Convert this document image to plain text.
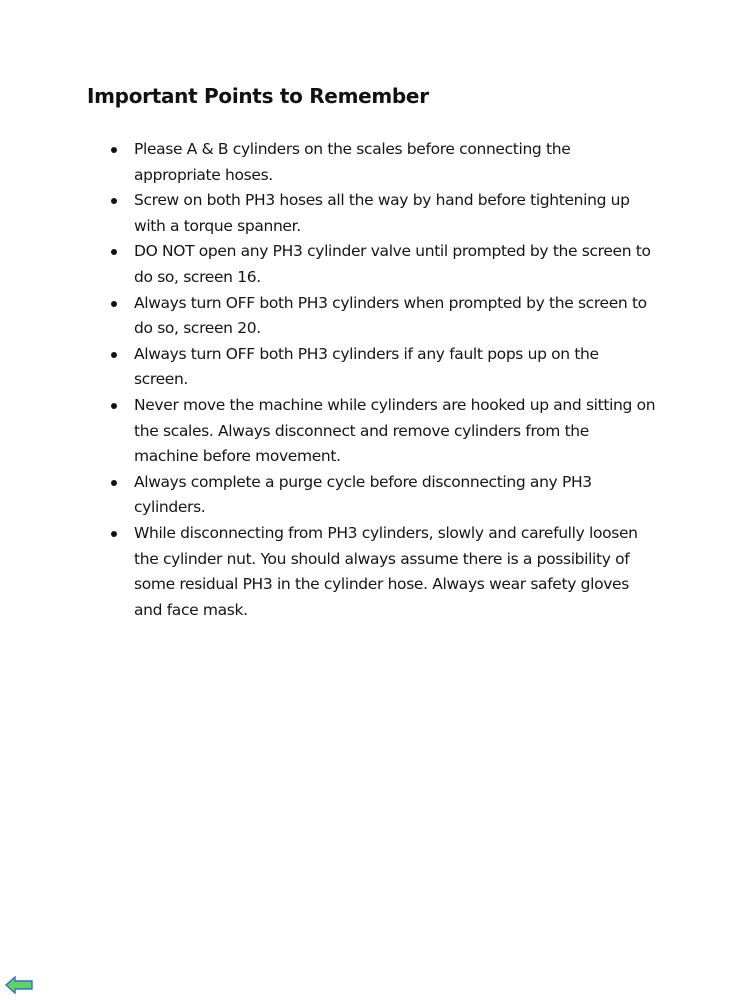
Important Points to Remember
Please A & B cylinders on the scales before connecting the appropriate hoses.
Screw on both PH3 hoses all the way by hand before tightening up with a torque spanner.
DO NOT open any PH3 cylinder valve until prompted by the screen to do so, screen 16.
Always turn OFF both PH3 cylinders when prompted by the screen to do so, screen 20.
Always turn OFF both PH3 cylinders if any fault pops up on the screen.
Never move the machine while cylinders are hooked up and sitting on the scales. Always disconnect and remove cylinders from the machine before movement.
Always complete a purge cycle before disconnecting any PH3 cylinders.
While disconnecting from PH3 cylinders, slowly and carefully loosen the cylinder nut. You should always assume there is a possibility of some residual PH3 in the cylinder hose. Always wear safety gloves and face mask.
